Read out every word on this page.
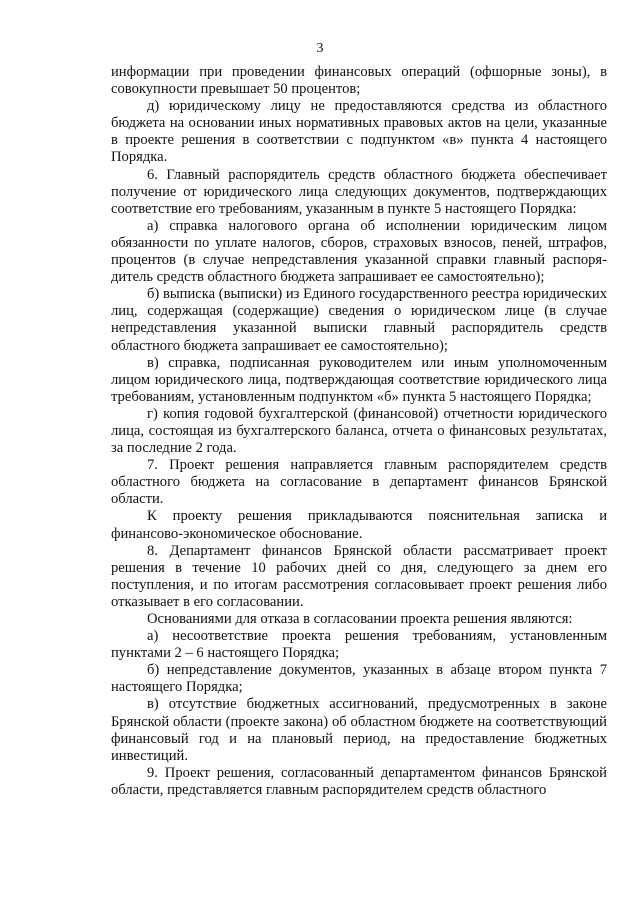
3

информации при проведении финансовых операций (офшорные зоны), в совокупности превышает 50 процентов;

д) юридическому лицу не предоставляются средства из областного бюджета на основании иных нормативных правовых актов на цели, указанные в проекте решения в соответствии с подпунктом «в» пункта 4 настоящего Порядка.

6. Главный распорядитель средств областного бюджета обеспечивает получение от юридического лица следующих документов, подтверждающих соответствие его требованиям, указанным в пункте 5 настоящего Порядка:

а) справка налогового органа об исполнении юридическим лицом обязанности по уплате налогов, сборов, страховых взносов, пеней, штрафов, процентов (в случае непредставления указанной справки главный распорядитель средств областного бюджета запрашивает ее самостоятельно);

б) выписка (выписки) из Единого государственного реестра юридических лиц, содержащая (содержащие) сведения о юридическом лице (в случае непредставления указанной выписки главный распорядитель средств областного бюджета запрашивает ее самостоятельно);

в) справка, подписанная руководителем или иным уполномоченным лицом юридического лица, подтверждающая соответствие юридического лица требованиям, установленным подпунктом «б» пункта 5 настоящего Порядка;

г) копия годовой бухгалтерской (финансовой) отчетности юридического лица, состоящая из бухгалтерского баланса, отчета о финансовых результатах, за последние 2 года.

7. Проект решения направляется главным распорядителем средств областного бюджета на согласование в департамент финансов Брянской области.

К проекту решения прикладываются пояснительная записка и финансово-экономическое обоснование.

8. Департамент финансов Брянской области рассматривает проект решения в течение 10 рабочих дней со дня, следующего за днем его поступления, и по итогам рассмотрения согласовывает проект решения либо отказывает в его согласовании.

Основаниями для отказа в согласовании проекта решения являются:

а) несоответствие проекта решения требованиям, установленным пунктами 2 – 6 настоящего Порядка;

б) непредставление документов, указанных в абзаце втором пункта 7 настоящего Порядка;

в) отсутствие бюджетных ассигнований, предусмотренных в законе Брянской области (проекте закона) об областном бюджете на соответствующий финансовый год и на плановый период, на предоставление бюджетных инвестиций.

9. Проект решения, согласованный департаментом финансов Брянской области, представляется главным распорядителем средств областного
